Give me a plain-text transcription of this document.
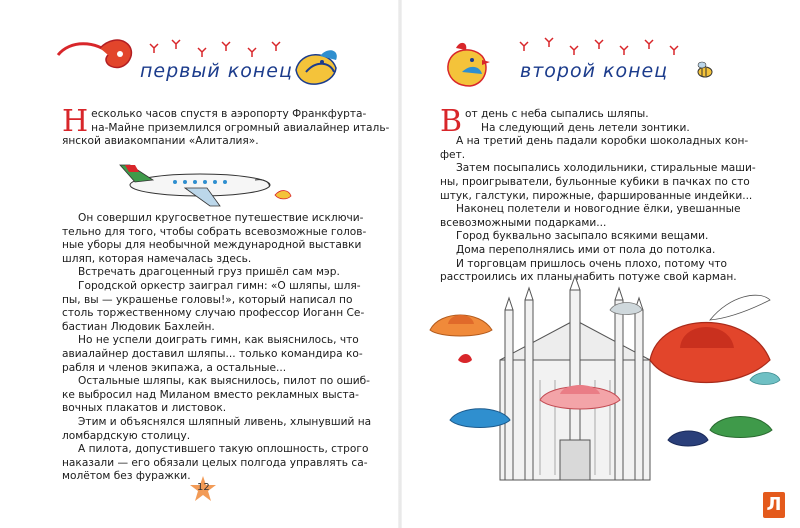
первый конец
Несколько часов спустя в аэропорту Франкфурта-
на-Майне приземлился огромный авиалайнер италь-
янской авиакомпании «Алиталия».
Он совершил кругосветное путешествие исключи-
тельно для того, чтобы собрать всевозможные голов-
ные уборы для необычной международной выставки
шляп, которая намечалась здесь.
Встречать драгоценный груз пришёл сам мэр.
Городской оркестр заиграл гимн: «О шляпы, шля-
пы, вы — украшенье головы!», который написал по
столь торжественному случаю профессор Иоганн Се-
бастиан Людовик Бахлейн.
Но не успели доиграть гимн, как выяснилось, что
авиалайнер доставил шляпы... только командира ко-
рабля и членов экипажа, а остальные...
Остальные шляпы, как выяснилось, пилот по ошиб-
ке выбросил над Миланом вместо рекламных выста-
вочных плакатов и листовок.
Этим и объяснялся шляпный ливень, хлынувший на
ломбардскую столицу.
А пилота, допустившего такую оплошность, строго
наказали — его обязали целых полгода управлять са-
молётом без фуражки.
12
второй конец
Вот день с неба сыпались шляпы.
На следующий день летели зонтики.
А на третий день падали коробки шоколадных кон-
фет.
Затем посыпались холодильники, стиральные маши-
ны, проигрыватели, бульонные кубики в пачках по сто
штук, галстуки, пирожные, фаршированные индейки...
Наконец полетели и новогодние ёлки, увешанные
всевозможными подарками...
Город буквально засыпало всякими вещами.
Дома переполнялись ими от пола до потолка.
И торговцам пришлось очень плохо, потому что
расстроились их планы набить потуже свой карман.
Л
